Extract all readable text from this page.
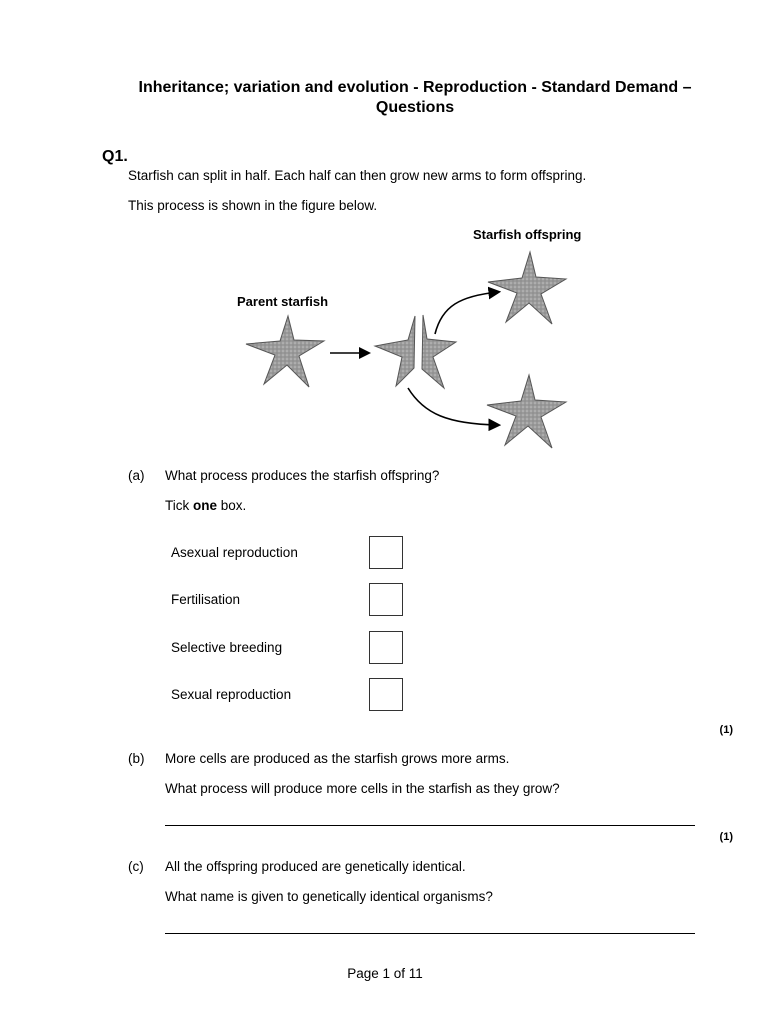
Inheritance; variation and evolution - Reproduction - Standard Demand – Questions
Q1.
Starfish can split in half. Each half can then grow new arms to form offspring.
This process is shown in the figure below.
Parent starfish
Starfish offspring
(a) What process produces the starfish offspring?
Tick one box.
Asexual reproduction
Fertilisation
Selective breeding
Sexual reproduction
(1)
(b) More cells are produced as the starfish grows more arms.
What process will produce more cells in the starfish as they grow?
(1)
(c) All the offspring produced are genetically identical.
What name is given to genetically identical organisms?
Page 1 of 11
